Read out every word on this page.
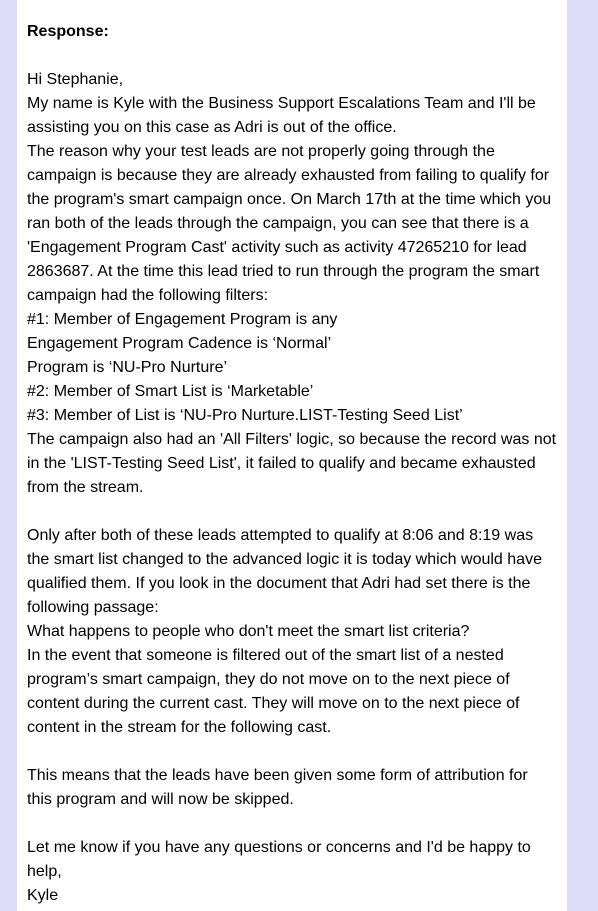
Response:
Hi Stephanie,
My name is Kyle with the Business Support Escalations Team and I'll be
assisting you on this case as Adri is out of the office.
The reason why your test leads are not properly going through the
campaign is because they are already exhausted from failing to qualify for
the program's smart campaign once. On March 17th at the time which you
ran both of the leads through the campaign, you can see that there is a
'Engagement Program Cast' activity such as activity 47265210 for lead
2863687. At the time this lead tried to run through the program the smart
campaign had the following filters:
#1: Member of Engagement Program is any
Engagement Program Cadence is ‘Normal’
Program is ‘NU-Pro Nurture’
#2: Member of Smart List is ‘Marketable’
#3: Member of List is ‘NU-Pro Nurture.LIST-Testing Seed List’
The campaign also had an 'All Filters' logic, so because the record was not
in the 'LIST-Testing Seed List', it failed to qualify and became exhausted
from the stream.
Only after both of these leads attempted to qualify at 8:06 and 8:19 was
the smart list changed to the advanced logic it is today which would have
qualified them. If you look in the document that Adri had set there is the
following passage:
What happens to people who don't meet the smart list criteria?
In the event that someone is filtered out of the smart list of a nested
program’s smart campaign, they do not move on to the next piece of
content during the current cast. They will move on to the next piece of
content in the stream for the following cast.
This means that the leads have been given some form of attribution for
this program and will now be skipped.
Let me know if you have any questions or concerns and I'd be happy to
help,
Kyle
